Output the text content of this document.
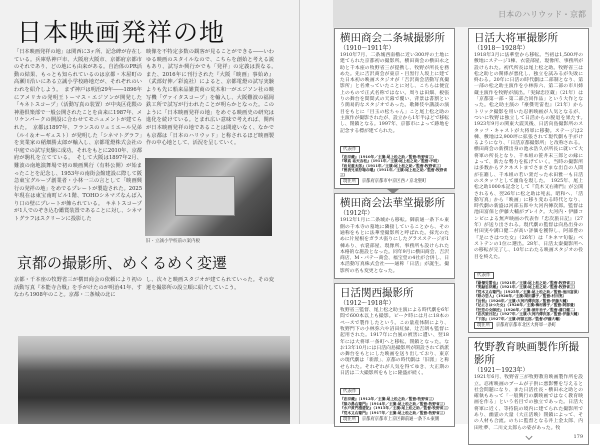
日本映画発祥の地

「日本映画発祥の地」は関西に3ヶ所、記念碑が存在している。兵庫県神戸市、大阪府大阪市、京都府京都市のそれであり、どの地にも由来がある。自治体のPR活動の結果、もっとも知られているのは京都・木屋町の高瀬川沿いにある立誠小学校跡地だが、それぞれのいわれを紹介しよう。　まず神戸は明治29年――1896年にアメリカの発明王トーマス・エジソンが開発した「キネトスコープ」（活動写真の装置）が中央区花隈の神港倶楽部で一般公開されたことを由来に1987年、メリケンパークの開設に合わせてモニュメントが建てられた。　京都は1897年、フランスのリュミエール兄弟（ルイ＆オーギュスト）が発明した「シネマトグラフ」を実業家の稲畑勝太郎が輸入し、京都電燈株式会社の中庭での試写実験に成功。それをもとに2010年、京都府が駒札を立てている。　そして大阪は1897年2月、難波の南地演舞場で初の映画興行（有料公開）が始まったことを記念し、1953年の南街会館建設に際して阪急東宝グループ創業者・小林一三の言として「映画興行の発祥の地」をめでるプレートが製造された。2025年現在は東宝南町ビル1階、TOHOシネマズなんば入り口の壁にプレートが飾られている。　キネトスコープが1人でのぞき込む鑑賞装置であることに対し、シネマトグラフはスクリーンに投影した

映像を不特定多数の観客が見ることができる――いわゆる映画のスタイルなので、こちらを創始と考える説もあり、試写か興行かでも「発祥」の定義は異なる。　また、2016年に刊行された『大阪「映画」事始め』（武部好伸／彩流社）によると、京都電燈の試写実験よりも先に船来品雑貨商の荒木和一がエジソン社の映写機「ヴァイタスコープ」を輸入し、大阪難波の福岡鉄工所で試写が行われたことが明らかとなった。このように「日本映画発祥の地」をめぐる映画史の研究は進化を続けている。とまれ広い意味で考えれば、関西が日本映画発祥の地であることは間違いなく、なかでも京都は「日本のハリウッド」と称されるほど映画製作の中心地として、活況を呈していく。

旧・立誠小学校前の案内板
京都の撮影所、めくるめく変遷

京都・千本座の牧野省三が横田商会の依頼により初の活動写真『本能寺合戦』を手がけたのが明治41年、すなわち1908年のこと。京都・二条城の北に

し、次々と映画スタジオが建てられていった。その変遷を撮影所の設立順に紹介していこう。

日本のハリウッド・京都
横田商会二条城撮影所
（1910〜1911年）

1910年7月、二条城西南櫓に近い300坪の土地に建てられた京都初の撮影所。横田商会の横田永之助と千本座の牧野省三が提携し、牧野が所長を務めた。先に吉沢商会が東京・目黒行人坂上に建てた日本初の映画スタジオが「吉沢商会活動写真撮影所」と名乗っていたことに対し、こちらは便宜上のもので正式名称ではない。周りは田畑、板張りの舞台を間間式の天幕で覆い、背景は書割という簡易的なスタジオであった。歌舞伎や講談の演目をもとに「目玉の松ちゃん」こと尾上松之助の主演作が撮影されたが、設立から1年半ほどで移転し、閉鎖となる。1997年、京都市によって跡地を記念する標が建てられた。

代表作
『忠臣蔵』（1910年／主演:尾上松之助／監督:牧野省三）
『琴真 祐天吉松』（1911年／主演:尾上松之助／監督:不明）
『岩見重太郎』（1911年／主演:尾上松之助／監督:牧野省三）
『曽我兄弟狩場の曙』（1911年／主演:尾上松之助／監督:牧野省三）
現住所 京都府京都市中京区西ノ京北聖町
横田商会法華堂撮影所
（1912年）

1912年1月に二条城から移転。御前通一条下ル東側の千本寺の墓地に隣接していることから、その通称をもとに法華堂撮影所と呼ばれた。採光のために片屋根をガラス張りにしたグラスステージが1棟あり、衣裳部屋、現像所、事務所も設けられた本格的な施設となった。同年9月に横田商会、吉沢商店、M・パテー商会、福宝堂の4社が合併し、日本活動写真株式会社――通称「日活」が誕生。撮影所の名も変更となった。

日活関西撮影所
（1912〜1918年）

牧野省三監督、尾上松之助主演による時代劇を6年間で600本以上も撮影。ピーク時には月に18本のペースで製作したという。この量産体制により、牧野門下の小林弥六や沼田紅緑、辻吉朗も監督に起用された。1917年に台風の被害に遭い、翌18年には大将軍一条町へと移転。閉鎖となった。なお13年10月には日活向島撮影所が開設されて新派の舞台をもとにした映画を送り出しており、東京の現代劇は「新派」、京都の時代劇は「旧派」と称せられた。それぞれが人気を得てゆき、大正期の日活は二大撮影所をもとに隆盛が続く。

代表作
『忠臣蔵』（1912年／主演:尾上松之助／監督:牧野省三）
『猿の鼻右衛門』（1914年／主演:尾上松之助／監督:牧野省三）
『水戸黄門漫遊記』（1915年／主演:尾上松之助／監督:牧野省三）
『荒木又右衛門』（1917年／主演:尾上松之助／監督:牧野省三）
現住所 京都府京都市上京区御前通一条下ル東側
日活大将軍撮影所
（1918〜1928年）

1918年3月に法華堂から移転。当初は1,500坪の敷地にステージ1棟、衣裳部屋、現像所、事務所が設けられた。初代所長は尾上松之助。牧野省三は松之助との関係が悪化し、独立を試みるが失敗に終わる。20年に日活の時代劇は二部制となり、第一部の松之助主演作を小林弥六、第二部の市川姉蔵主演作を牧野が演出。「実録忠臣蔵」（21年）は「京都第一部・第二部合同作品」という大作となった。松之助主演の『豪傑児雷也』（21年）からトリック撮影を用いた忍術映画が人気となるが、ついに牧野は独立して日活からの脱退を果たす。　1923年9月の関東大震災後、日活向島撮影所のスタッフ・キャストが大将軍に移動。ステージは2棟、敷地は2,900坪に拡張されて現代劇も手がけるようになり、「日活京都撮影所」と改称される。横田商会の新撰出身の池永浩久が所長に就いて大将軍の所長となり、千本組の笹井末三郎との縁によって、新たな勢力を拡げていく。当時の撮影所は多数からアクネストまでさまざまな出自の人間が在籍し、千本組の若い衆だった永田雅一も日活のスタッフとして頭角を現した。　1925年、尾上松之助1000本記念として『荒木又右衛門』が公開されるも、翌26年に松之助は死去。昭和へ、「活動写真」から「映画」に移り変わる時代となり、時代劇の新盛は河部五郎や大河内傳次郎。監督は池田富保と伊藤大輔がブレイク。大河内・伊藤コンビによる無声映画の代表作『忠次旅日記』（27年）が送り出される。現代劇の監督は向島出身の村田実や溝口健二が高い評価を獲得し、阿部豊の『足にさはつた女』（26年）は『キネマ旬報』ベストテンの1位に選出。28年、日活太秦撮影所への移転が完了し、10年にわたる映画スタジオの役目を終えた。

代表作
『豪傑児雷也』（1921年／主演:尾上松之助／監督:牧野省三）
『実録忠臣蔵』（1921年／主演:尾上松之助／監督:牧野省三）
『荒木又右衛門』（1925年／主演:尾上松之助／監督:池田富保）
『紙の恋人』（1926年／主演:岡田嘉子／監督:村田実）
『長恨』（1926年／主演:大河内傳次郎／監督:伊藤大輔）
『足にさはつた女』（1926年／主演:梅村蓉子／監督:阿部豊）
『狂恋の女師匠』（1926年／主演:酒井米子／監督:溝口健二）
『忠次旅日記』（1927年／主演:大河内傳次郎／監督:伊藤大輔）
『下郎』（1927年／主演:河部五郎／監督:伊藤大輔）
現住所 京都府京都市北区大将軍一条町
牧野教育映画製作所撮影所
（1921〜1923年）

1921年6月、牧野省三が牧野教育映画製作所を設立。忍術映画のブームが子供に悪影響を与えると社会問題になり、また日活社長・横田永之助との確執もあって「一般興行の劇映画ではなく教育映画を作る」という名目での独立であった。日活大将軍に近く、等持院の境内に建てられた撮影所であり、幽霊の大量（大正活映）閉鎖によって、その人材も合流。のちに監督となる井上金太郎、内田吐夢、二川文太郎らの姿があった。牧

179
